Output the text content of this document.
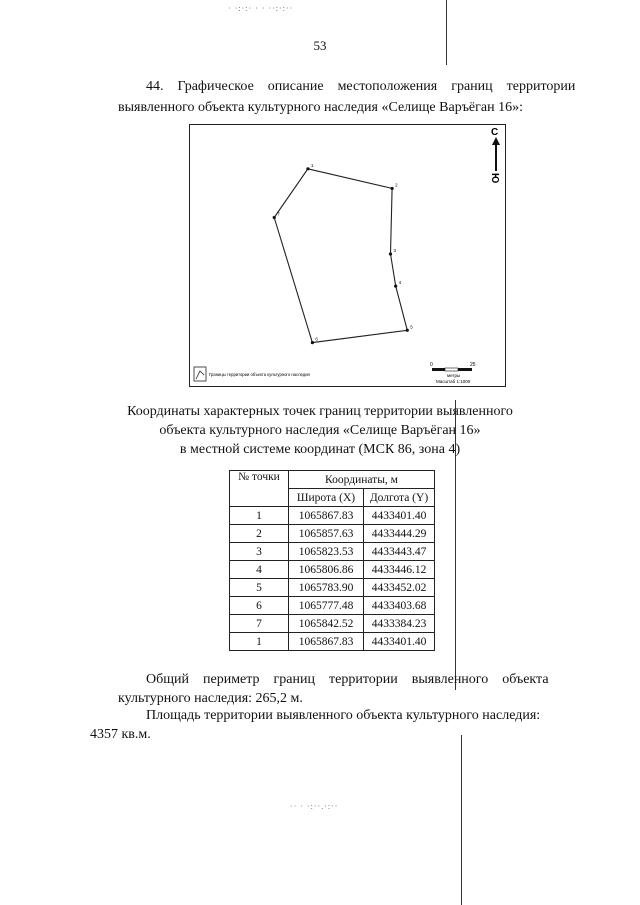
· ·:·:· · · ··:·:··
·· · ·:··.·:··
53
44.    Графическое    описание    местоположения    границ    территории
выявленного объекта культурного наследия «Селище Варъёган 16»:
1
2
3
4
5
6
7
С
Ю
Границы территории объекта культурного наследия
0	25
метры
Масштаб 1:1000
Координаты характерных точек границ территории выявленного
объекта культурного наследия «Селище Варъёган 16»
в местной системе координат (МСК 86, зона 4)
№ точки	Координаты, м	
	Широта (X)	Долгота (Y)
1	1065867.83	4433401.40
2	1065857.63	4433444.29
3	1065823.53	4433443.47
4	1065806.86	4433446.12
5	1065783.90	4433452.02
6	1065777.48	4433403.68
7	1065842.52	4433384.23
1	1065867.83	4433401.40
Общий    периметр    границ    территории    выявленного    объекта
культурного наследия: 265,2 м.
Площадь территории выявленного объекта культурного наследия:
4357 кв.м.
